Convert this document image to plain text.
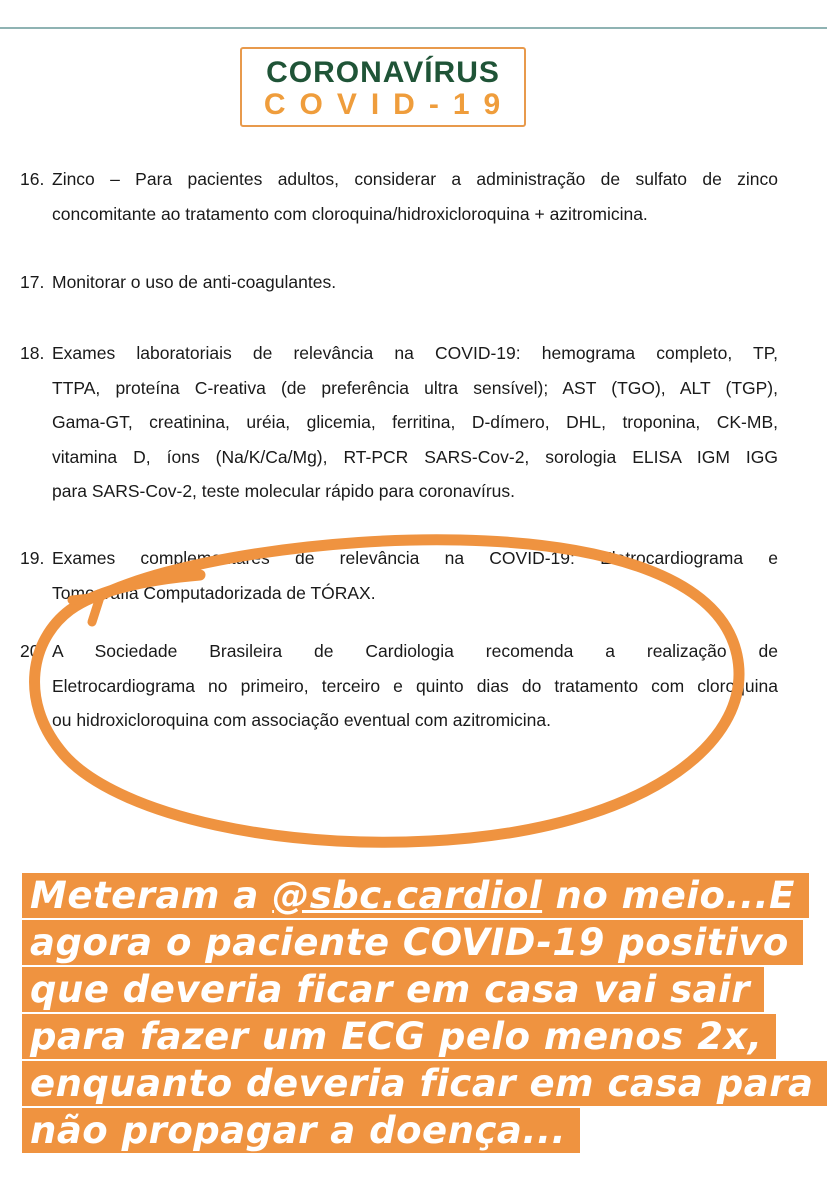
CORONAVÍRUS
COVID-19
16. Zinco – Para pacientes adultos, considerar a administração de sulfato de zinco
concomitante ao tratamento com cloroquina/hidroxicloroquina + azitromicina.
17. Monitorar o uso de anti-coagulantes.
18. Exames laboratoriais de relevância na COVID-19: hemograma completo, TP,
TTPA, proteína C-reativa (de preferência ultra sensível); AST (TGO), ALT (TGP),
Gama-GT, creatinina, uréia, glicemia, ferritina, D-dímero, DHL, troponina, CK-MB,
vitamina D, íons (Na/K/Ca/Mg), RT-PCR SARS-Cov-2, sorologia ELISA IGM IGG
para SARS-Cov-2, teste molecular rápido para coronavírus.
19. Exames complementares de relevância na COVID-19: Eletrocardiograma e
Tomografia Computadorizada de TÓRAX.
20. A Sociedade Brasileira de Cardiologia recomenda a realização de
Eletrocardiograma no primeiro, terceiro e quinto dias do tratamento com cloroquina
ou hidroxicloroquina com associação eventual com azitromicina.
Meteram a @sbc.cardiol no meio...E
agora o paciente COVID-19 positivo
que deveria ficar em casa vai sair
para fazer um ECG pelo menos 2x,
enquanto deveria ficar em casa para
não propagar a doença...
